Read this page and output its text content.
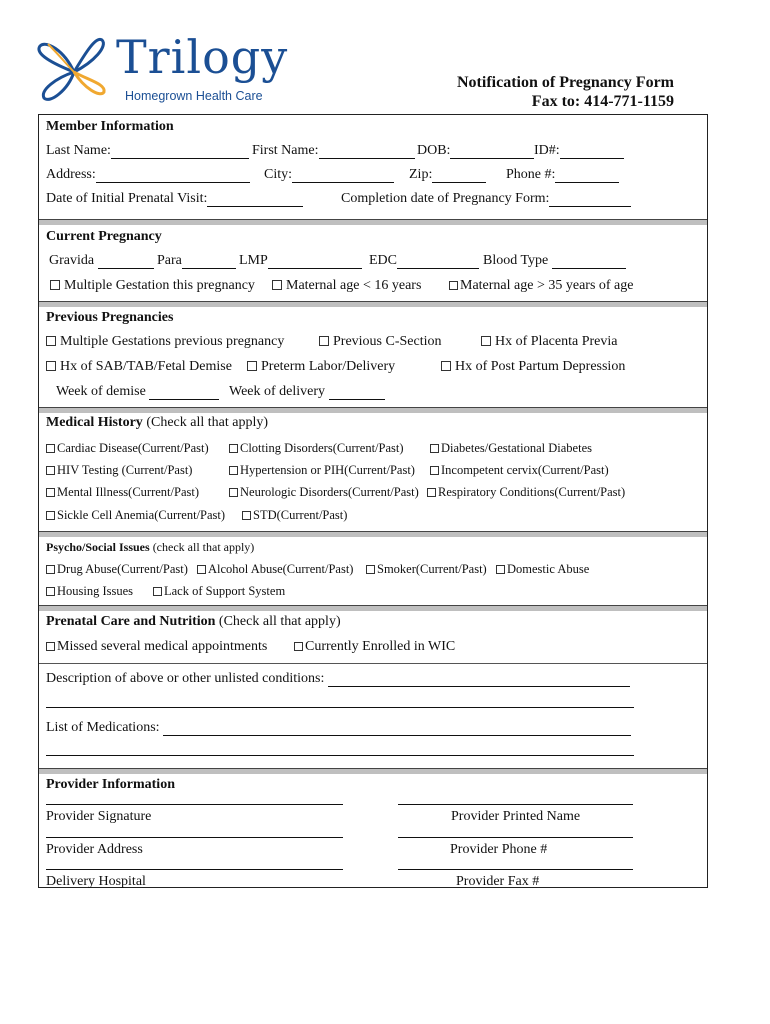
Trilogy
Homegrown Health Care
Notification of Pregnancy Form
Fax to: 414-771-1159
Member Information
Last Name:	First Name:	DOB:	ID#:
Address:	City:	Zip:	Phone #:
Date of Initial Prenatal Visit:	Completion date of Pregnancy Form:
Current Pregnancy
Gravida	Para	LMP	EDC	Blood Type
Multiple Gestation this pregnancy	Maternal age < 16 years	Maternal age > 35 years of age
Previous Pregnancies
Multiple Gestations previous pregnancy	Previous C-Section	Hx of Placenta Previa
Hx of SAB/TAB/Fetal Demise	Preterm Labor/Delivery	Hx of Post Partum Depression
Week of demise	Week of delivery
Medical History (Check all that apply)
Cardiac Disease(Current/Past)	Clotting Disorders(Current/Past)	Diabetes/Gestational Diabetes
HIV Testing (Current/Past)	Hypertension or PIH(Current/Past)	Incompetent cervix(Current/Past)
Mental Illness(Current/Past)	Neurologic Disorders(Current/Past)	Respiratory Conditions(Current/Past)
Sickle Cell Anemia(Current/Past)	STD(Current/Past)
Psycho/Social Issues (check all that apply)
Drug Abuse(Current/Past)	Alcohol Abuse(Current/Past)	Smoker(Current/Past)	Domestic Abuse
Housing Issues	Lack of Support System
Prenatal Care and Nutrition (Check all that apply)
Missed several medical appointments	Currently Enrolled in WIC
Description of above or other unlisted conditions:
List of Medications:
Provider Information
Provider Signature	Provider Printed Name
Provider Address	Provider Phone #
Delivery Hospital	Provider Fax #
